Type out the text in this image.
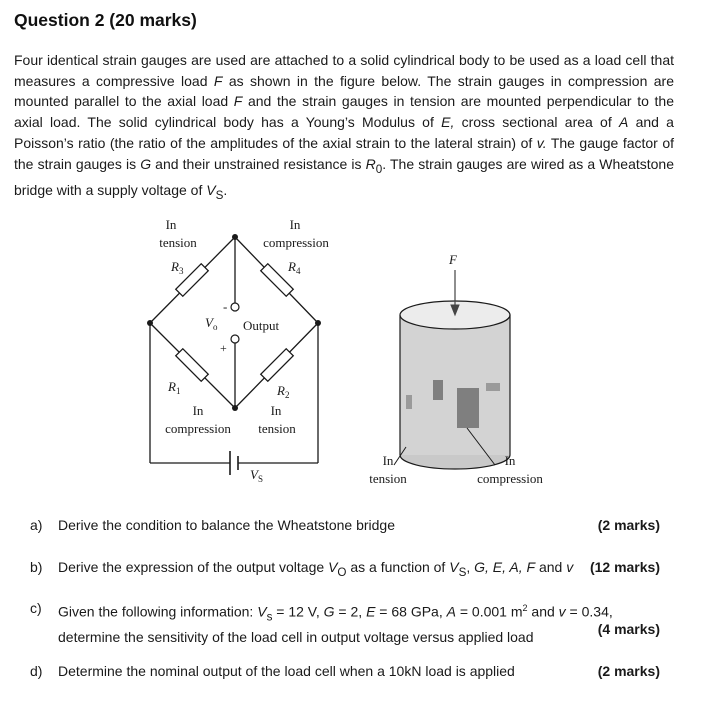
Question 2 (20 marks)

Four identical strain gauges are used are attached to a solid cylindrical body to be used as a load cell that measures a compressive load F as shown in the figure below. The strain gauges in compression are mounted parallel to the axial load F and the strain gauges in tension are mounted perpendicular to the axial load. The solid cylindrical body has a Young’s Modulus of E, cross sectional area of A and a Poisson’s ratio (the ratio of the amplitudes of the axial strain to the lateral strain) of v. The gauge factor of the strain gauges is G and their unstrained resistance is $R_0$. The strain gauges are wired as a Wheatstone bridge with a supply voltage of $V_S$.

In
tension
$R_3$
In
compression
$R_4$
-
$V_o$
+
Output
$R_1$	$R_2$
In
compression
In
tension
$V_S$
F
In
tension
In
compression
a) Derive the condition to balance the Wheatstone bridge	(2 marks)
b) Derive the expression of the output voltage $V_O$ as a function of $V_S$, G, E, A, F and v	(12 marks)
c) Given the following information: $V_s = 12$ V, G = 2, E = 68 GPa, A = 0.001 $m^2$ and v = 0.34,
determine the sensitivity of the load cell in output voltage versus applied load
(4 marks)
d) Determine the nominal output of the load cell when a 10kN load is applied	(2 marks)
